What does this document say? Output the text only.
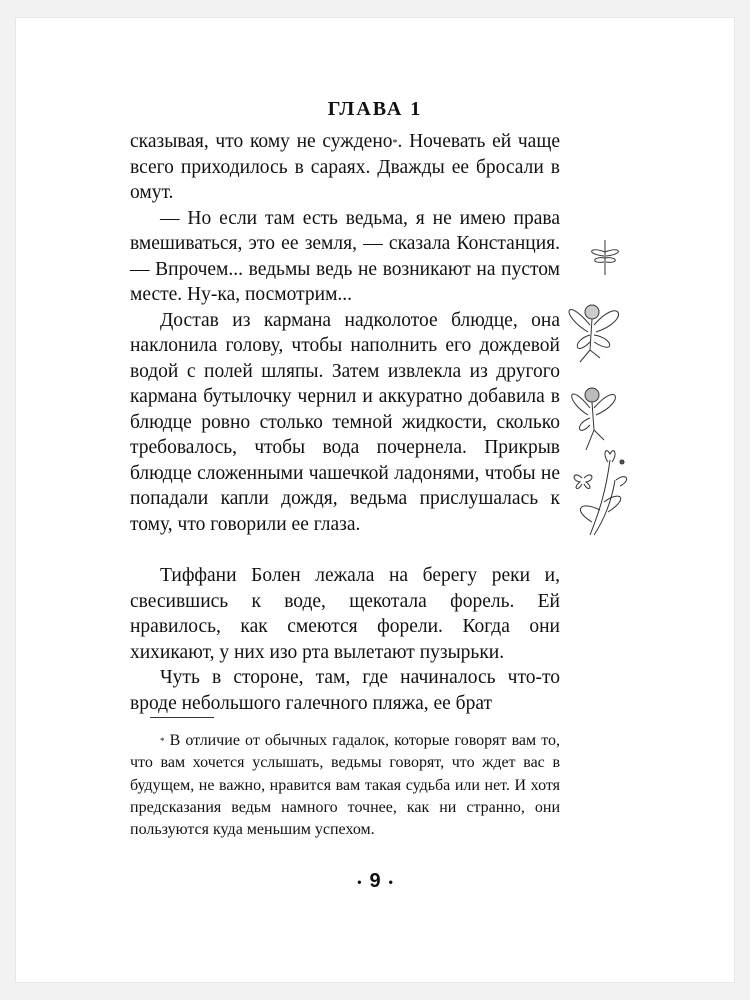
ГЛАВА 1

сказывая, что кому не суждено*. Ночевать ей чаще всего приходилось в сараях. Дважды ее бросали в омут.

— Но если там есть ведьма, я не имею права вмешиваться, это ее земля, — сказала Констанция. — Впрочем... ведьмы ведь не возникают на пустом месте. Ну-ка, посмотрим...

Достав из кармана надколотое блюдце, она наклонила голову, чтобы наполнить его дождевой водой с полей шляпы. Затем извлекла из другого кармана бутылочку чернил и аккуратно добавила в блюдце ровно столько темной жидкости, сколько требовалось, чтобы вода почернела. Прикрыв блюдце сложенными чашечкой ладонями, чтобы не попадали капли дождя, ведьма прислушалась к тому, что говорили ее глаза.

Тиффани Болен лежала на берегу реки и, свесившись к воде, щекотала форель. Ей нравилось, как смеются форели. Когда они хихикают, у них изо рта вылетают пузырьки.

Чуть в стороне, там, где начиналось что-то вроде небольшого галечного пляжа, ее брат

* В отличие от обычных гадалок, которые говорят вам то, что вам хочется услышать, ведьмы говорят, что ждет вас в будущем, не важно, нравится вам такая судьба или нет. И хотя предсказания ведьм намного точнее, как ни странно, они пользуются куда меньшим успехом.

• 9 •
